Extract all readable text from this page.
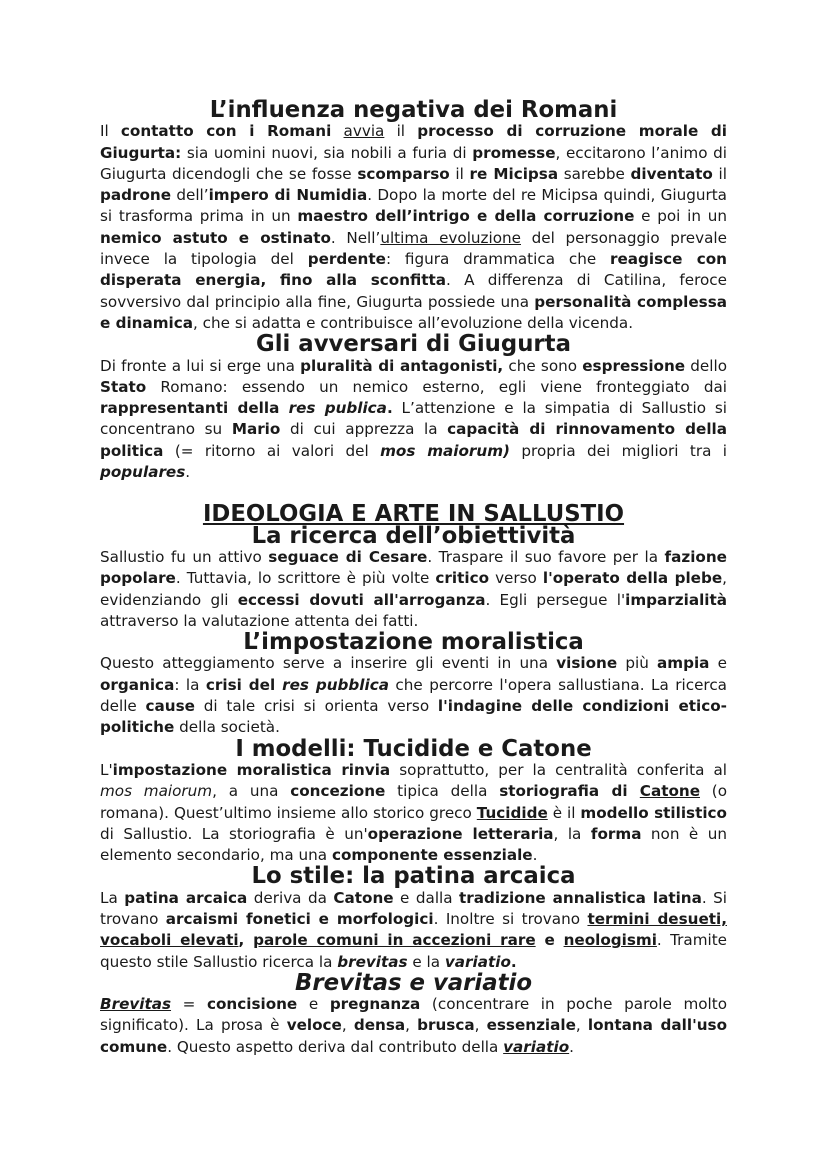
L’influenza negativa dei Romani

Il contatto con i Romani avvia il processo di corruzione morale di Giugurta: sia uomini nuovi, sia nobili a furia di promesse, eccitarono l’animo di Giugurta dicendogli che se fosse scomparso il re Micipsa sarebbe diventato il padrone dell’impero di Numidia. Dopo la morte del re Micipsa quindi, Giugurta si trasforma prima in un maestro dell’intrigo e della corruzione e poi in un nemico astuto e ostinato. Nell’ultima evoluzione del personaggio prevale invece la tipologia del perdente: figura drammatica che reagisce con disperata energia, fino alla sconfitta. A differenza di Catilina, feroce sovversivo dal principio alla fine, Giugurta possiede una personalità complessa e dinamica, che si adatta e contribuisce all’evoluzione della vicenda.

Gli avversari di Giugurta

Di fronte a lui si erge una pluralità di antagonisti, che sono espressione dello Stato Romano: essendo un nemico esterno, egli viene fronteggiato dai rappresentanti della res publica. L’attenzione e la simpatia di Sallustio si concentrano su Mario di cui apprezza la capacità di rinnovamento della politica (= ritorno ai valori del mos maiorum) propria dei migliori tra i populares.

IDEOLOGIA E ARTE IN SALLUSTIO
La ricerca dell’obiettività

Sallustio fu un attivo seguace di Cesare. Traspare il suo favore per la fazione popolare. Tuttavia, lo scrittore è più volte critico verso l'operato della plebe, evidenziando gli eccessi dovuti all'arroganza. Egli persegue l'imparzialità attraverso la valutazione attenta dei fatti.

L’impostazione moralistica

Questo atteggiamento serve a inserire gli eventi in una visione più ampia e organica: la crisi del res pubblica che percorre l'opera sallustiana. La ricerca delle cause di tale crisi si orienta verso l'indagine delle condizioni etico-politiche della società.

I modelli: Tucidide e Catone

L'impostazione moralistica rinvia soprattutto, per la centralità conferita al mos maiorum, a una concezione tipica della storiografia di Catone (o romana). Quest’ultimo insieme allo storico greco Tucidide è il modello stilistico di Sallustio. La storiografia è un'operazione letteraria, la forma non è un elemento secondario, ma una componente essenziale.

Lo stile: la patina arcaica

La patina arcaica deriva da Catone e dalla tradizione annalistica latina. Si trovano arcaismi fonetici e morfologici. Inoltre si trovano termini desueti, vocaboli elevati, parole comuni in accezioni rare e neologismi. Tramite questo stile Sallustio ricerca la brevitas e la variatio.

Brevitas e variatio

Brevitas = concisione e pregnanza (concentrare in poche parole molto significato). La prosa è veloce, densa, brusca, essenziale, lontana dall'uso comune. Questo aspetto deriva dal contributo della variatio.
